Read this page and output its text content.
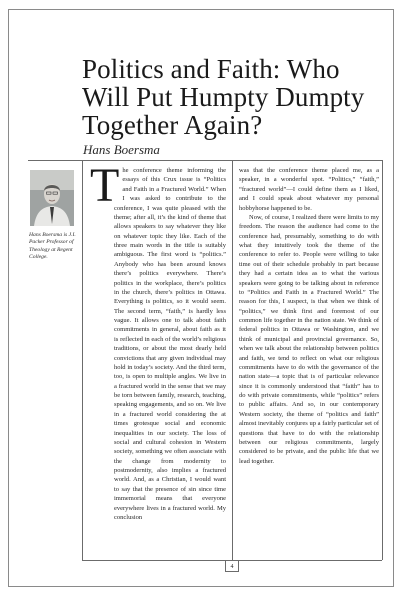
Politics and Faith: Who Will Put Humpty Dumpty Together Again?

Hans Boersma

Hans Boersma is J.I. Packer Professor of Theology at Regent College.

The conference theme informing the essays of this Crux issue is “Politics and Faith in a Fractured World.” When I was asked to contribute to the conference, I was quite pleased with the theme; after all, it’s the kind of theme that allows speakers to say whatever they like on whatever topic they like. Each of the three main words in the title is suitably ambiguous. The first word is “politics.” Anybody who has been around knows there’s politics everywhere. There’s politics in the workplace, there’s politics in the church, there’s politics in Ottawa. Everything is politics, so it would seem. The second term, “faith,” is hardly less vague. It allows one to talk about faith commitments in general, about faith as it is reflected in each of the world’s religious traditions, or about the most dearly held convictions that any given individual may hold in today’s society. And the third term, too, is open to multiple angles. We live in a fractured world in the sense that we may be torn between family, research, teaching, speaking engagements, and so on. We live in a fractured world considering the at times grotesque social and economic inequalities in our society. The loss of social and cultural cohesion in Western society, something we often associate with the change from modernity to postmodernity, also implies a fractured world. And, as a Christian, I would want to say that the presence of sin since time immemorial means that everyone everywhere lives in a fractured world. My conclusion

was that the conference theme placed me, as a speaker, in a wonderful spot. “Politics,” “faith,” “fractured world”—I could define them as I liked, and I could speak about whatever my personal hobbyhorse happened to be.

Now, of course, I realized there were limits to my freedom. The reason the audience had come to the conference had, presumably, something to do with what they intuitively took the theme of the conference to refer to. People were willing to take time out of their schedule probably in part because they had a certain idea as to what the various speakers were going to be talking about in reference to “Politics and Faith in a Fractured World.” The reason for this, I suspect, is that when we think of “politics,” we think first and foremost of our common life together in the nation state. We think of federal politics in Ottawa or Washington, and we think of municipal and provincial governance. So, when we talk about the relationship between politics and faith, we tend to reflect on what our religious commitments have to do with the governance of the nation state—a topic that is of particular relevance since it is commonly understood that “faith” has to do with private commitments, while “politics” refers to public affairs. And so, in our contemporary Western society, the theme of “politics and faith” almost inevitably conjures up a fairly particular set of questions that have to do with the relationship between our religious commitments, largely considered to be private, and the public life that we lead together.

4
